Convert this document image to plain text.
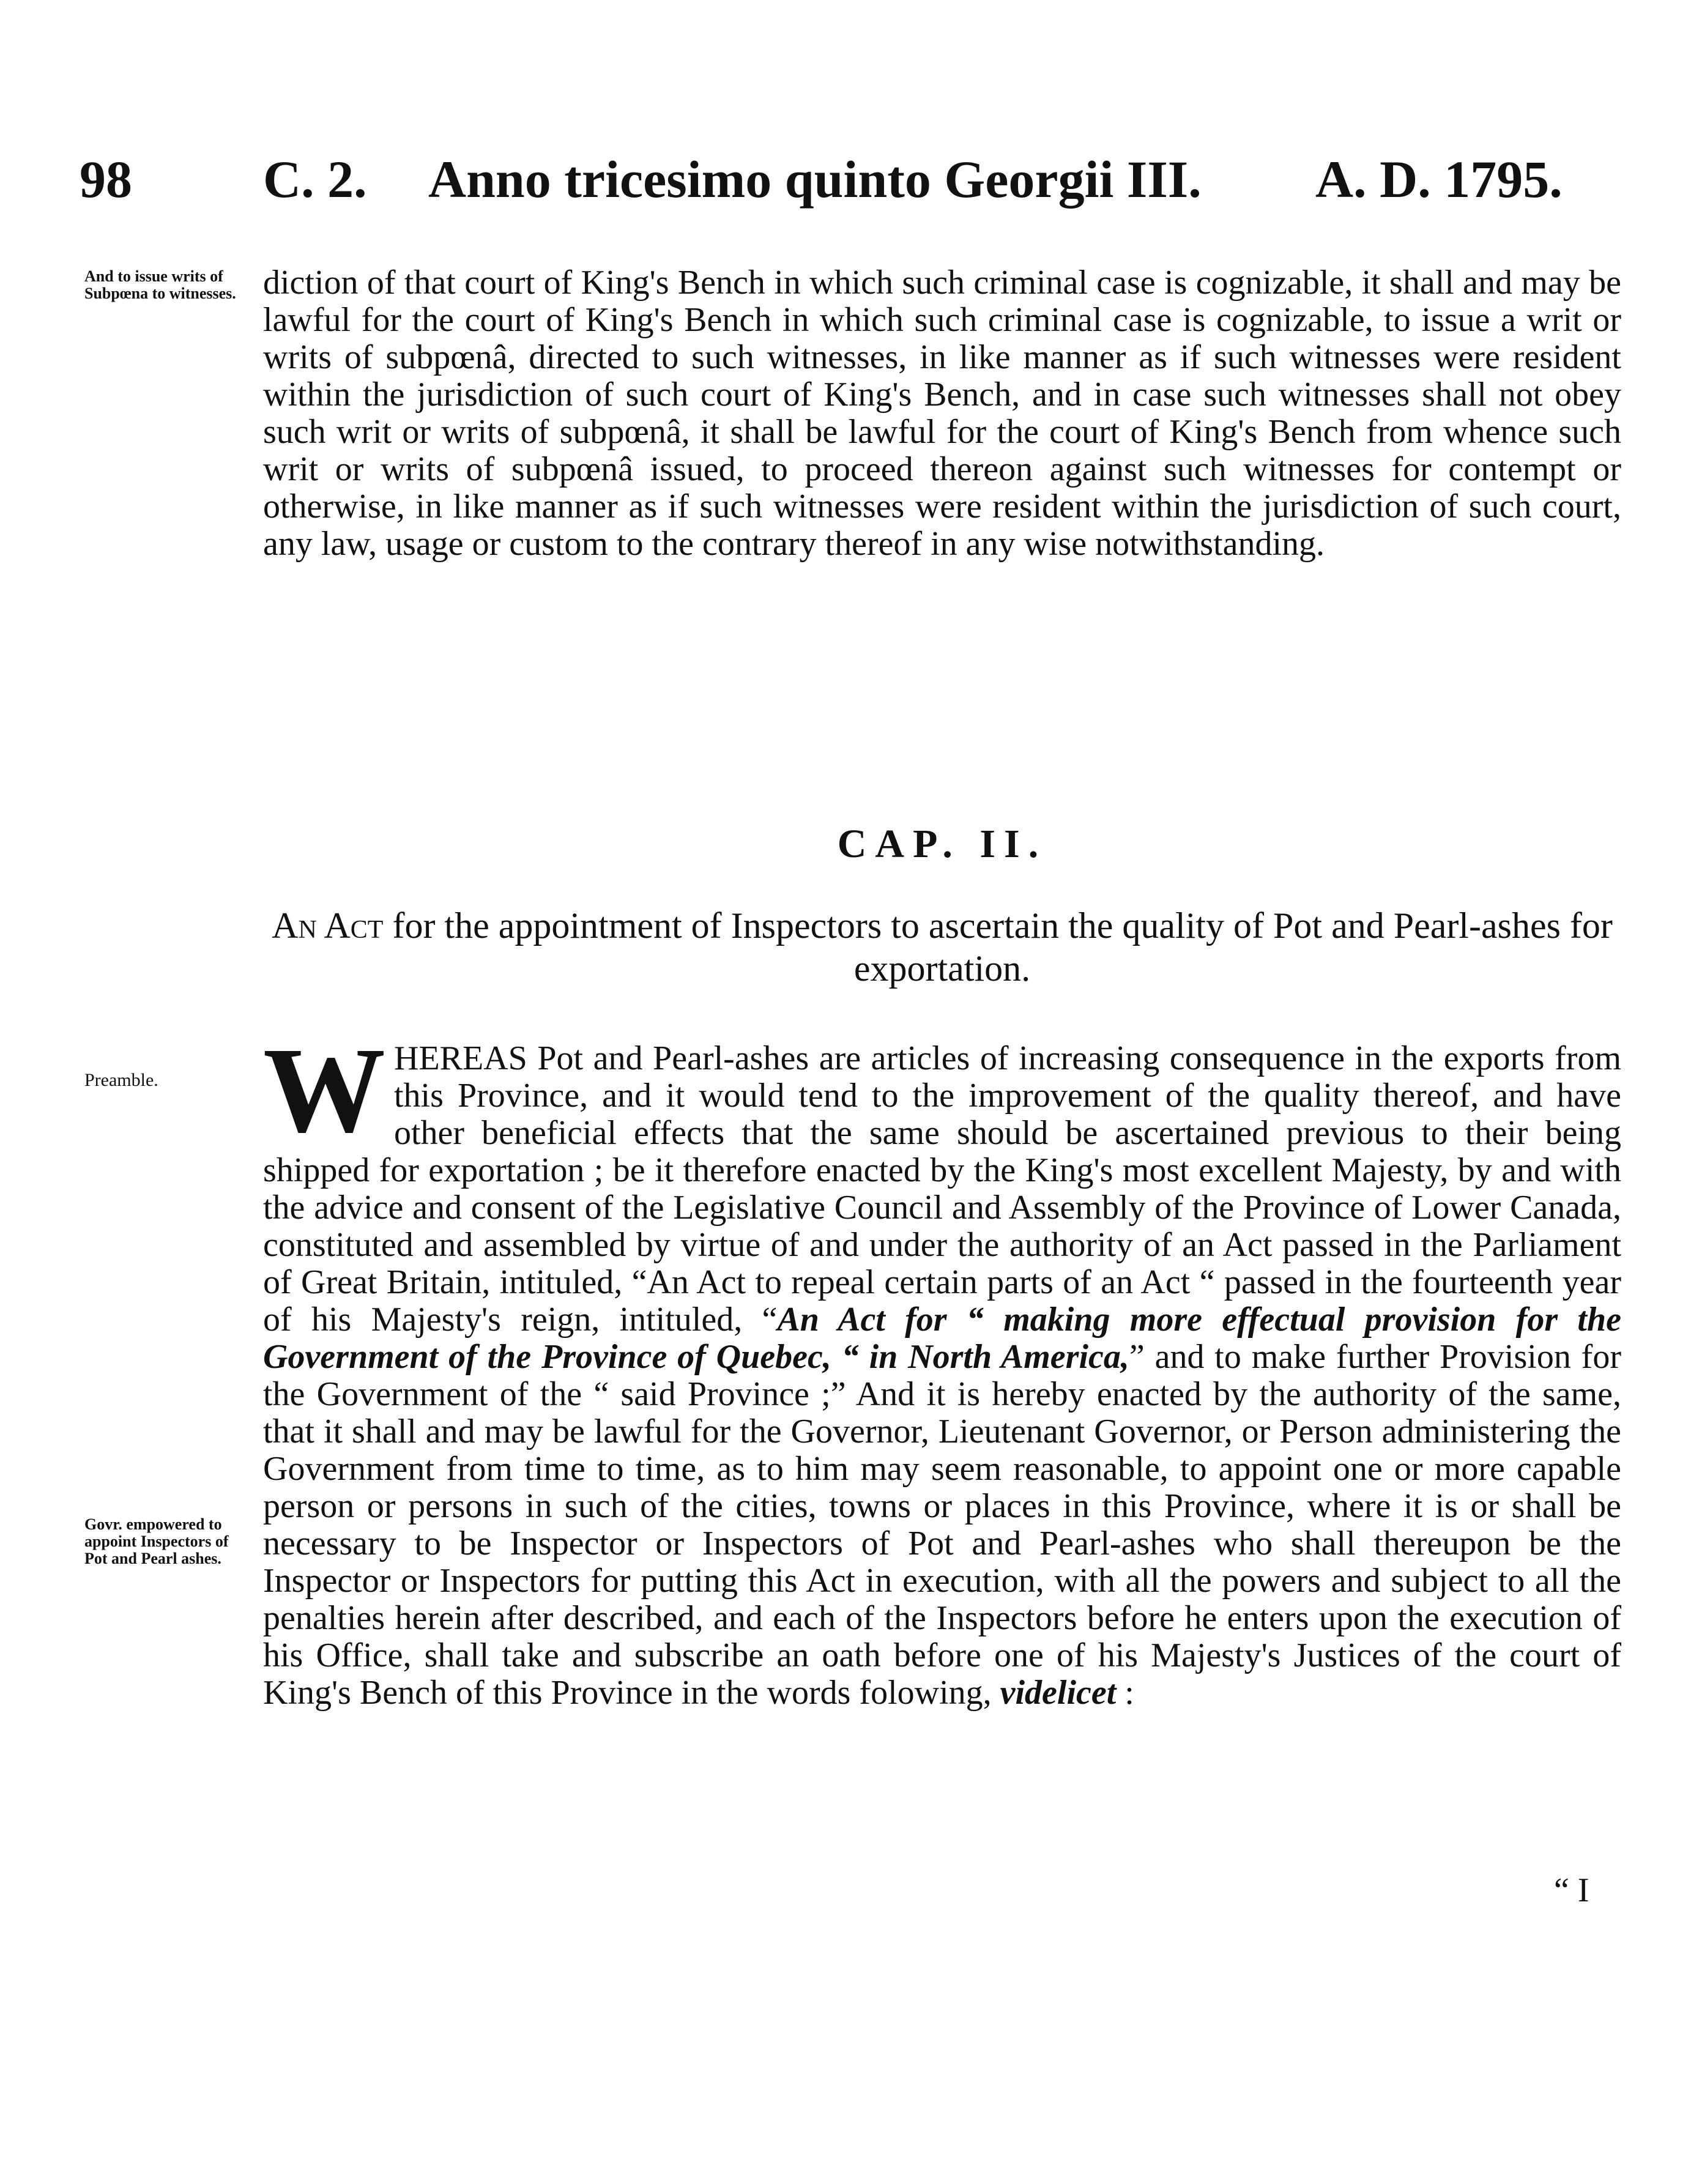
98 C. 2. Anno tricesimo quinto Georgii III. A. D. 1795.
And to issue writs of Subpœna to witnesses. diction of that court of King's Bench in which such criminal case is cognizable, it shall and may be lawful for the court of King's Bench in which such criminal case is cognizable, to issue a writ or writs of subpœnâ, directed to such witnesses, in like manner as if such witnesses were resident within the jurisdiction of such court of King's Bench, and in case such witnesses shall not obey such writ or writs of subpœnâ, it shall be lawful for the court of King's Bench from whence such writ or writs of subpœnâ issued, to proceed thereon against such witnesses for contempt or otherwise, in like manner as if such witnesses were resident within the jurisdiction of such court, any law, usage or custom to the contrary thereof in any wise notwithstanding.

CAP. II.

An Act for the appointment of Inspectors to ascertain the quality of Pot and Pearl-ashes for exportation.

Preamble.
Govr. empowered to appoint Inspectors of Pot and Pearl ashes.

WHEREAS Pot and Pearl-ashes are articles of increasing consequence in the exports from this Province, and it would tend to the improvement of the quality thereof, and have other beneficial effects that the same should be ascertained previous to their being shipped for exportation ; be it therefore enacted by the King's most excellent Majesty, by and with the advice and consent of the Legislative Council and Assembly of the Province of Lower Canada, constituted and assembled by virtue of and under the authority of an Act passed in the Parliament of Great Britain, intituled, “An Act to repeal certain parts of an Act “ passed in the fourteenth year of his Majesty's reign, intituled, “An Act for “ making more effectual provision for the Government of the Province of Quebec, “ in North America,” and to make further Provision for the Government of the “ said Province ;” And it is hereby enacted by the authority of the same, that it shall and may be lawful for the Governor, Lieutenant Governor, or Person administering the Government from time to time, as to him may seem reasonable, to appoint one or more capable person or persons in such of the cities, towns or places in this Province, where it is or shall be necessary to be Inspector or Inspectors of Pot and Pearl-ashes who shall thereupon be the Inspector or Inspectors for putting this Act in execution, with all the powers and subject to all the penalties herein after described, and each of the Inspectors before he enters upon the execution of his Office, shall take and subscribe an oath before one of his Majesty's Justices of the court of King's Bench of this Province in the words folowing, videlicet :

“ I
